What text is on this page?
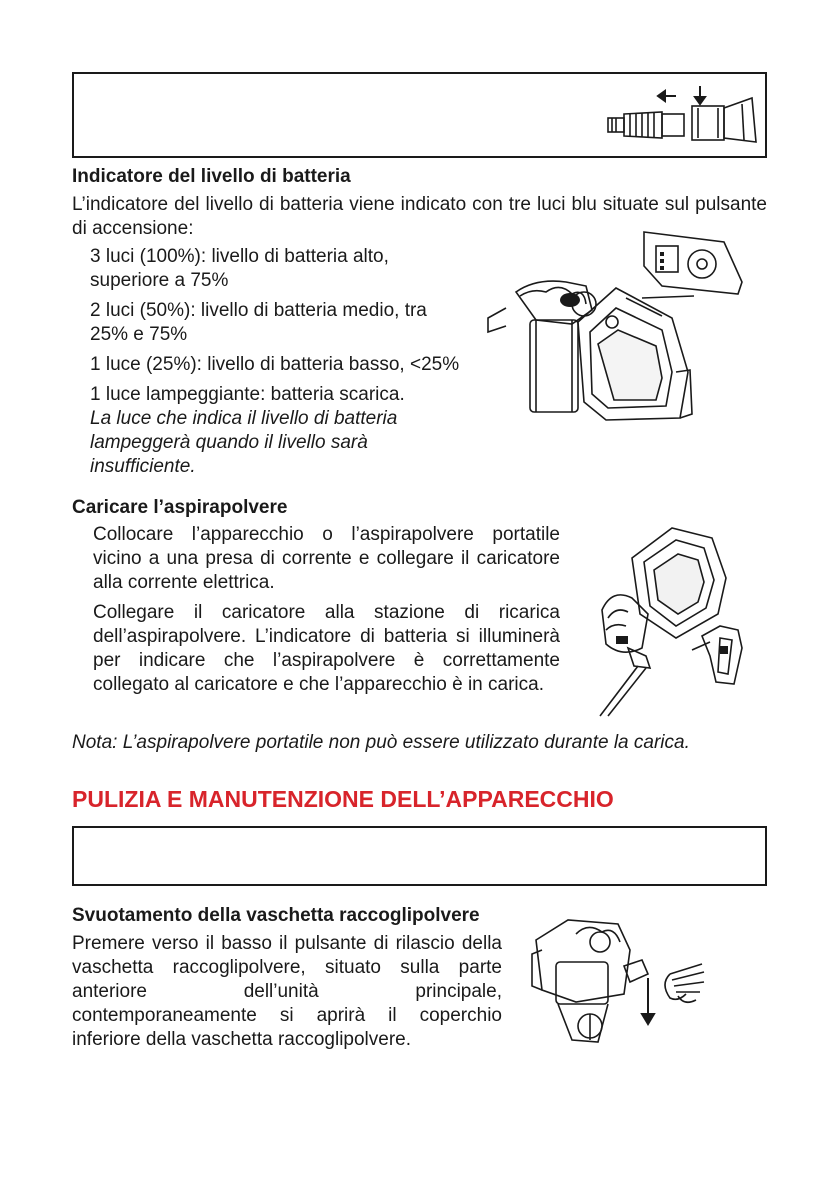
Indicatore del livello di batteria

L’indicatore del livello di batteria viene indicato con tre luci blu situate sul pulsante di accensione:

3 luci (100%): livello di batteria alto, superiore a 75%

2 luci (50%): livello di batteria medio, tra 25% e 75%

1 luce (25%): livello di batteria basso, <25%

1 luce lampeggiante: batteria scarica.

La luce che indica il livello di batteria lampeggerà quando il livello sarà insufficiente.

Caricare l’aspirapolvere

Collocare l’apparecchio o l’aspirapolvere portatile vicino a una presa di corrente e collegare il caricatore alla corrente elettrica.

Collegare il caricatore alla stazione di ricarica dell’aspirapolvere. L’indicatore di batteria si illuminerà per indicare che l’aspirapolvere è correttamente collegato al caricatore e che l’apparecchio è in carica.

Nota: L’aspirapolvere portatile non può essere utilizzato durante la carica.

PULIZIA E MANUTENZIONE DELL’APPARECCHIO
Svuotamento della vaschetta raccoglipolvere

Premere verso il basso il pulsante di rilascio della vaschetta raccoglipolvere, situato sulla parte anteriore dell’unità principale, contemporaneamente si aprirà il coperchio inferiore della vaschetta raccoglipolvere.
